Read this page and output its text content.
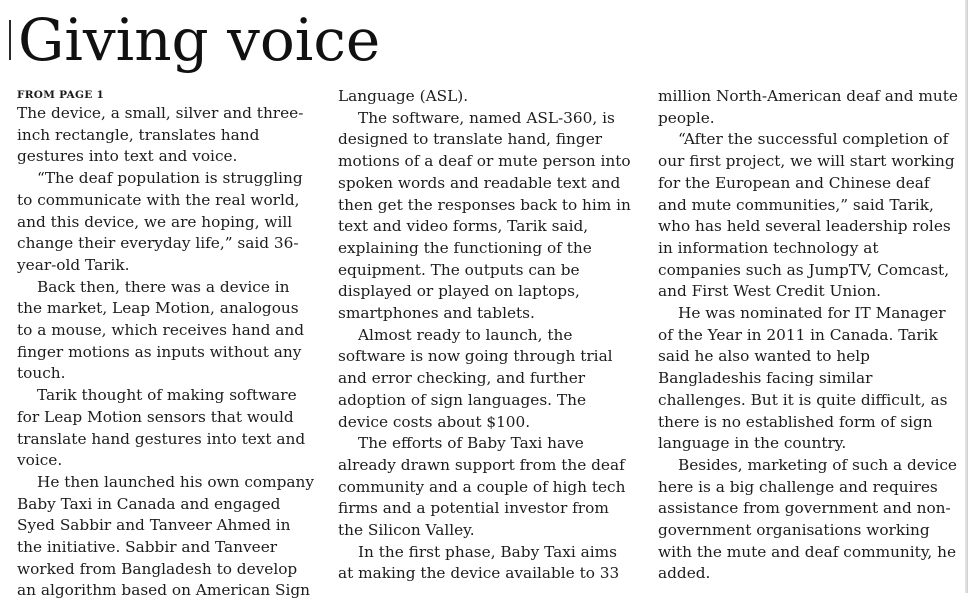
Giving voice
FROM PAGE 1

The device, a small, silver and three-inch rectangle, translates hand gestures into text and voice.

“The deaf population is struggling to communicate with the real world, and this device, we are hoping, will change their everyday life,” said 36-year-old Tarik.

Back then, there was a device in the market, Leap Motion, analogous to a mouse, which receives hand and finger motions as inputs without any touch.

Tarik thought of making software for Leap Motion sensors that would translate hand gestures into text and voice.

He then launched his own company Baby Taxi in Canada and engaged Syed Sabbir and Tanveer Ahmed in the initiative. Sabbir and Tanveer worked from Bangladesh to develop an algorithm based on American Sign

Language (ASL).

The software, named ASL-360, is designed to translate hand, finger motions of a deaf or mute person into spoken words and readable text and then get the responses back to him in text and video forms, Tarik said, explaining the functioning of the equipment. The outputs can be displayed or played on laptops, smartphones and tablets.

Almost ready to launch, the software is now going through trial and error checking, and further adoption of sign languages. The device costs about $100.

The efforts of Baby Taxi have already drawn support from the deaf community and a couple of high tech firms and a potential investor from the Silicon Valley.

In the first phase, Baby Taxi aims at making the device available to 33

million North-American deaf and mute people.

“After the successful completion of our first project, we will start working for the European and Chinese deaf and mute communities,” said Tarik, who has held several leadership roles in information technology at companies such as JumpTV, Comcast, and First West Credit Union.

He was nominated for IT Manager of the Year in 2011 in Canada. Tarik said he also wanted to help Bangladeshis facing similar challenges. But it is quite difficult, as there is no established form of sign language in the country.

Besides, marketing of such a device here is a big challenge and requires assistance from government and non-government organisations working with the mute and deaf community, he added.
